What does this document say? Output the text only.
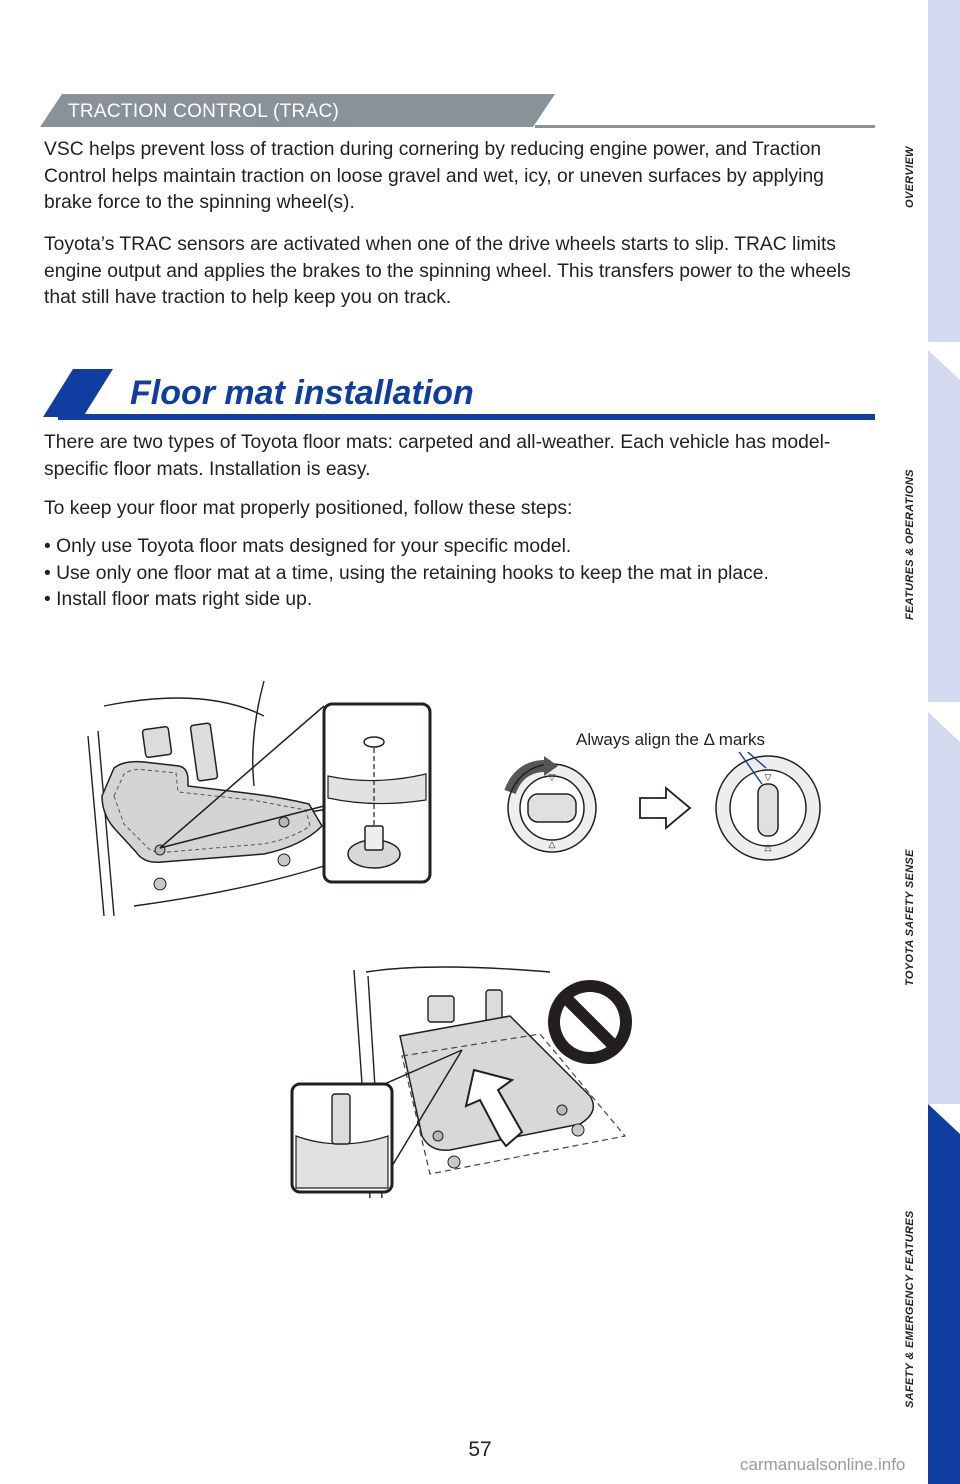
TRACTION CONTROL (TRAC)

VSC helps prevent loss of traction during cornering by reducing engine power, and Traction Control helps maintain traction on loose gravel and wet, icy, or uneven surfaces by applying brake force to the spinning wheel(s).

Toyota’s TRAC sensors are activated when one of the drive wheels starts to slip. TRAC limits engine output and applies the brakes to the spinning wheel. This transfers power to the wheels that still have traction to help keep you on track.

Floor mat installation

There are two types of Toyota floor mats: carpeted and all-weather. Each vehicle has model-specific floor mats. Installation is easy.

To keep your floor mat properly positioned, follow these steps:

• Only use Toyota floor mats designed for your specific model.
• Use only one floor mat at a time, using the retaining hooks to keep the mat in place.
• Install floor mats right side up.
Always align the Δ marks
▽
△
▽
△
OVERVIEW
FEATURES & OPERATIONS
TOYOTA SAFETY SENSE
SAFETY & EMERGENCY FEATURES
57
carmanualsonline.info
